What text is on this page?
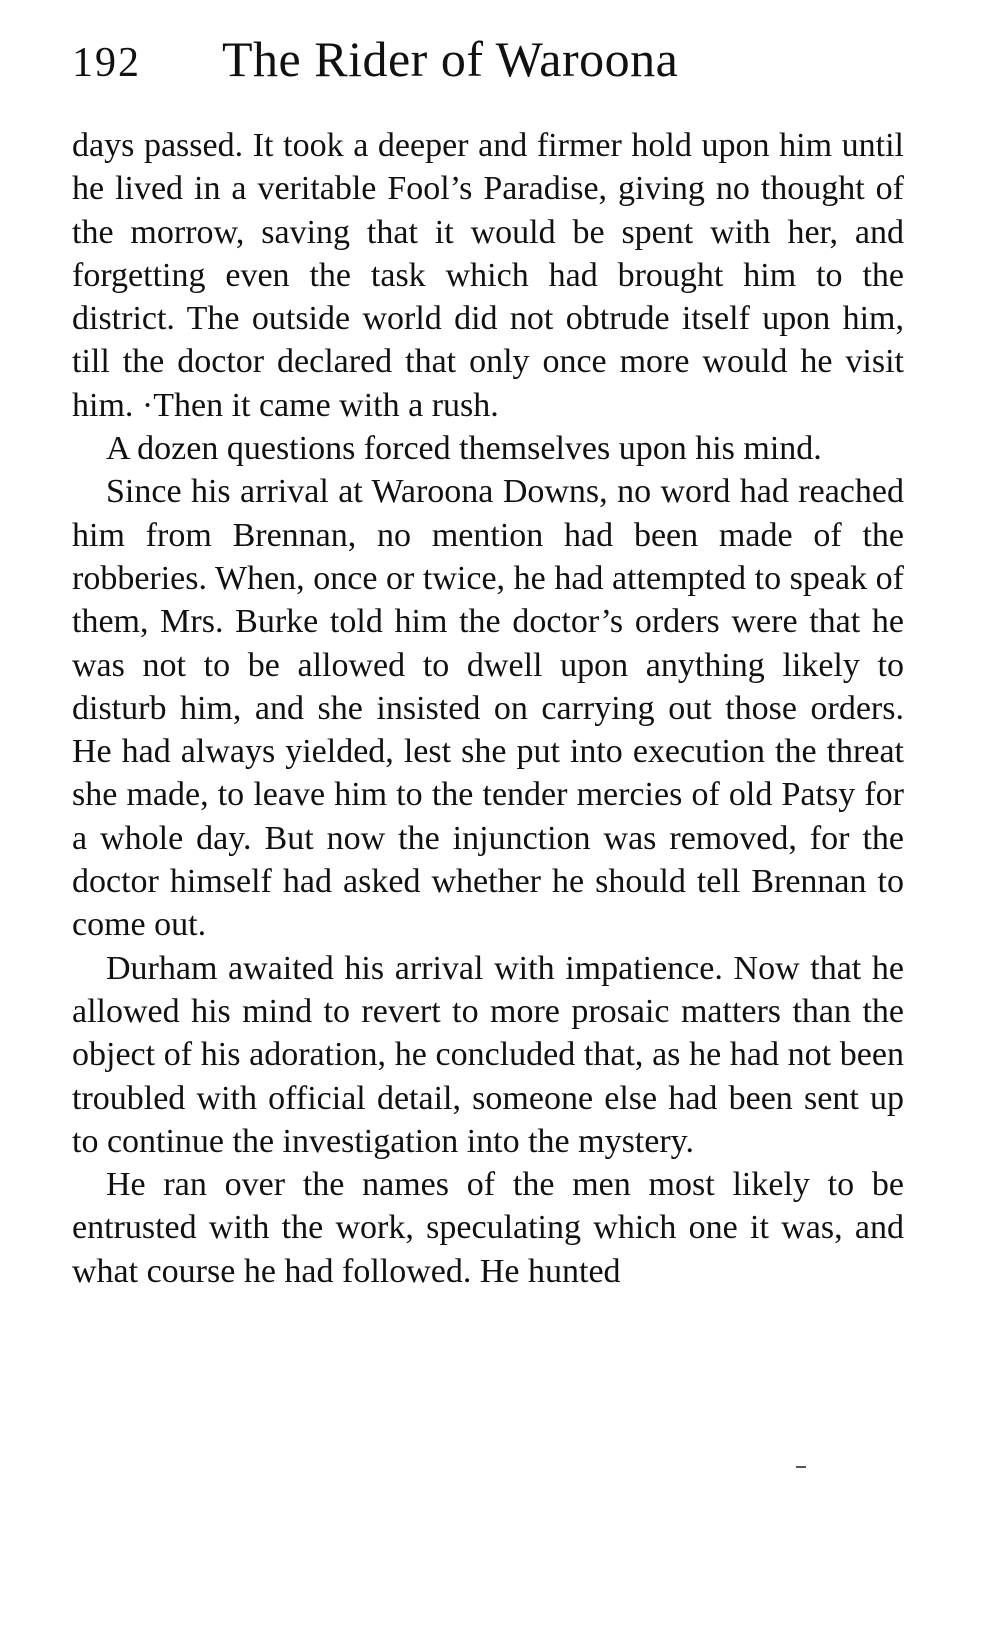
192	The Rider of Waroona

days passed. It took a deeper and firmer hold upon him until he lived in a veritable Fool’s Paradise, giving no thought of the morrow, saving that it would be spent with her, and forgetting even the task which had brought him to the district. The outside world did not obtrude itself upon him, till the doctor declared that only once more would he visit him. ·Then it came with a rush.

A dozen questions forced themselves upon his mind.

Since his arrival at Waroona Downs, no word had reached him from Brennan, no mention had been made of the robberies. When, once or twice, he had attempted to speak of them, Mrs. Burke told him the doctor’s orders were that he was not to be allowed to dwell upon anything likely to disturb him, and she insisted on carrying out those orders. He had always yielded, lest she put into execution the threat she made, to leave him to the tender mercies of old Patsy for a whole day. But now the injunction was removed, for the doctor himself had asked whether he should tell Brennan to come out.

Durham awaited his arrival with impatience. Now that he allowed his mind to revert to more prosaic matters than the object of his adoration, he concluded that, as he had not been troubled with official detail, someone else had been sent up to continue the investigation into the mystery.

He ran over the names of the men most likely to be entrusted with the work, speculating which one it was, and what course he had followed. He hunted
